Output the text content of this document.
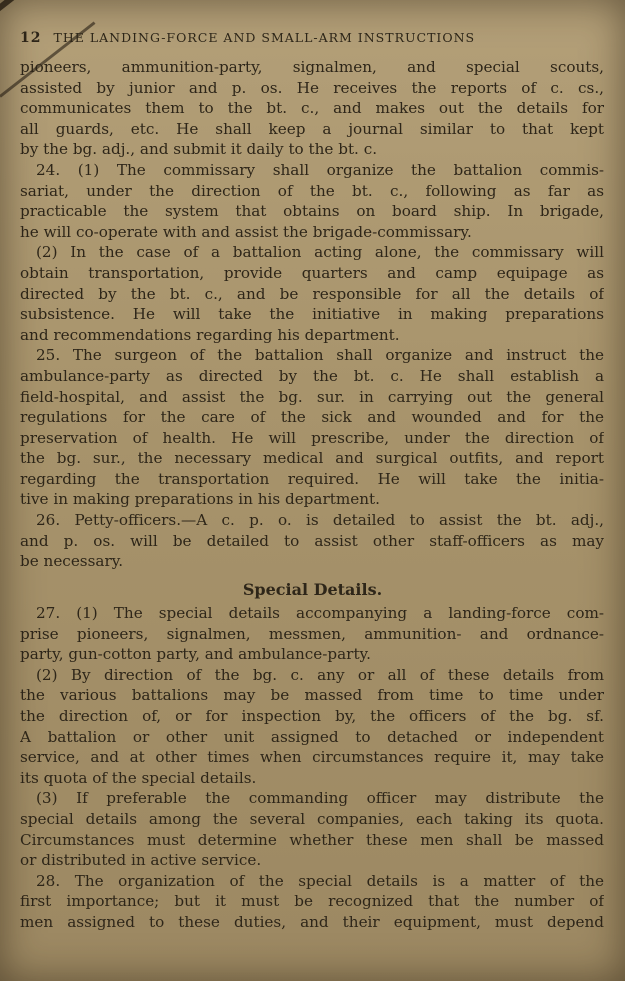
12 THE LANDING-FORCE AND SMALL-ARM INSTRUCTIONS
pioneers, ammunition-party, signalmen, and special scouts,
assisted by junior and p. os. He receives the reports of c. cs.,
communicates them to the bt. c., and makes out the details for
all guards, etc. He shall keep a journal similar to that kept
by the bg. adj., and submit it daily to the bt. c.
24. (1) The commissary shall organize the battalion commis-
sariat, under the direction of the bt. c., following as far as
practicable the system that obtains on board ship. In brigade,
he will co-operate with and assist the brigade-commissary.
(2) In the case of a battalion acting alone, the commissary will
obtain transportation, provide quarters and camp equipage as
directed by the bt. c., and be responsible for all the details of
subsistence. He will take the initiative in making preparations
and recommendations regarding his department.
25. The surgeon of the battalion shall organize and instruct the
ambulance-party as directed by the bt. c. He shall establish a
field-hospital, and assist the bg. sur. in carrying out the general
regulations for the care of the sick and wounded and for the
preservation of health. He will prescribe, under the direction of
the bg. sur., the necessary medical and surgical outfits, and report
regarding the transportation required. He will take the initia-
tive in making preparations in his department.
26. Petty-officers.—A c. p. o. is detailed to assist the bt. adj.,
and p. os. will be detailed to assist other staff-officers as may
be necessary.
Special Details.
27. (1) The special details accompanying a landing-force com-
prise pioneers, signalmen, messmen, ammunition- and ordnance-
party, gun-cotton party, and ambulance-party.
(2) By direction of the bg. c. any or all of these details from
the various battalions may be massed from time to time under
the direction of, or for inspection by, the officers of the bg. sf.
A battalion or other unit assigned to detached or independent
service, and at other times when circumstances require it, may take
its quota of the special details.
(3) If preferable the commanding officer may distribute the
special details among the several companies, each taking its quota.
Circumstances must determine whether these men shall be massed
or distributed in active service.
28. The organization of the special details is a matter of the
first importance; but it must be recognized that the number of
men assigned to these duties, and their equipment, must depend
